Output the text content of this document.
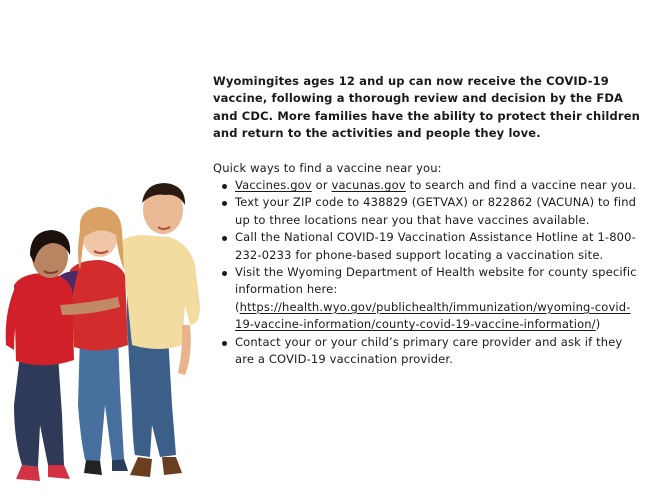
Wyomingites ages 12 and up can now receive the COVID-19 vaccine, following a thorough review and decision by the FDA and CDC. More families have the ability to protect their children and return to the activities and people they love.

Quick ways to find a vaccine near you:

Vaccines.gov or vacunas.gov to search and find a vaccine near you.
Text your ZIP code to 438829 (GETVAX) or 822862 (VACUNA) to find up to three locations near you that have vaccines available.
Call the National COVID-19 Vaccination Assistance Hotline at 1-800-232-0233 for phone-based support locating a vaccination site.
Visit the Wyoming Department of Health website for county specific information here: (https://health.wyo.gov/publichealth/immunization/wyoming-covid-19-vaccine-information/county-covid-19-vaccine-information/)
Contact your or your child’s primary care provider and ask if they are a COVID-19 vaccination provider.
